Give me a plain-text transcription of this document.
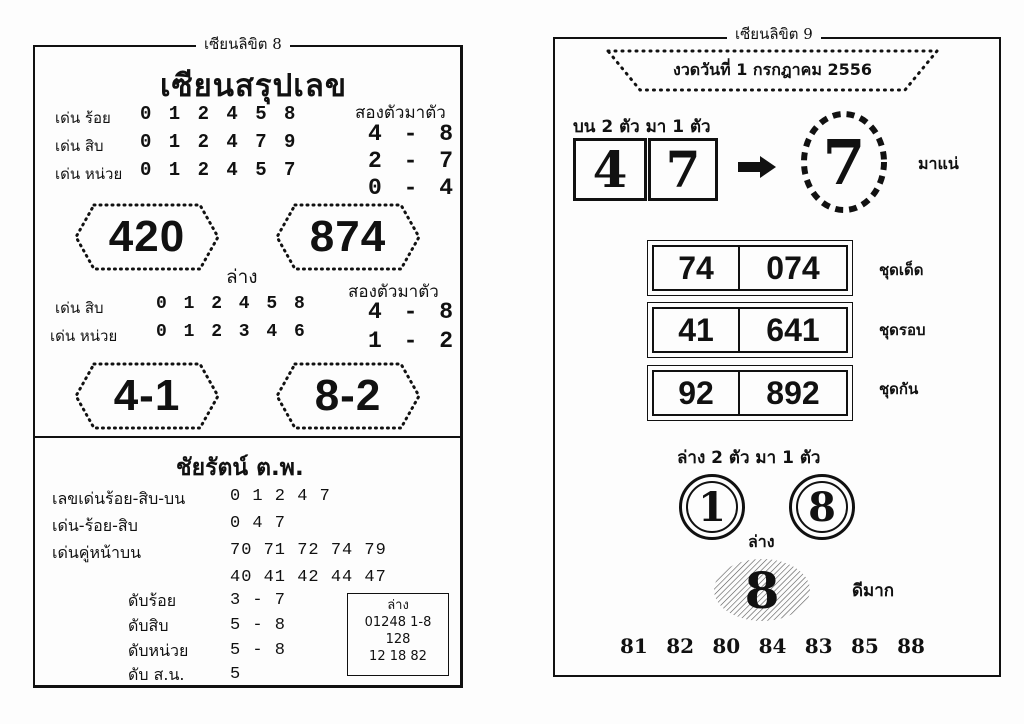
เซียนลิขิต 8
เซียนสรุปเลข
เด่น ร้อย 0 1 2 4 5 8
เด่น สิบ 0 1 2 4 7 9
เด่น หน่วย 0 1 2 4 5 7
สองตัวมาตัว
4 - 8
2 - 7
0 - 4
420	874
ล่าง
เด่น สิบ	0 1 2 4 5 8
เด่น หน่วย 0 1 2 3 4 6
สองตัวมาตัว
4 - 8
1 - 2
4-1	8-2
ชัยรัตน์ ต.พ.
เลขเด่นร้อย-สิบ-บน	0 1 2 4 7
เด่น-ร้อย-สิบ	0 4 7
เด่นคู่หน้าบน	70 71 72 74 79
40 41 42 44 47
ดับร้อย	3 - 7
ดับสิบ	5 - 8
ดับหน่วย 5 - 8
ดับ ส.น.	5
ล่าง
01248 1-8
128
12 18 82
เซียนลิขิต 9
งวดวันที่ 1 กรกฎาคม 2556
บน 2 ตัว มา 1 ตัว
4 7	7	มาแน่
74	074	ชุดเด็ด
41	641	ชุดรอบ
92	892	ชุดกัน
ล่าง 2 ตัว มา 1 ตัว
1	8
ล่าง
8	ดีมาก
81 82 80 84 83 85 88
